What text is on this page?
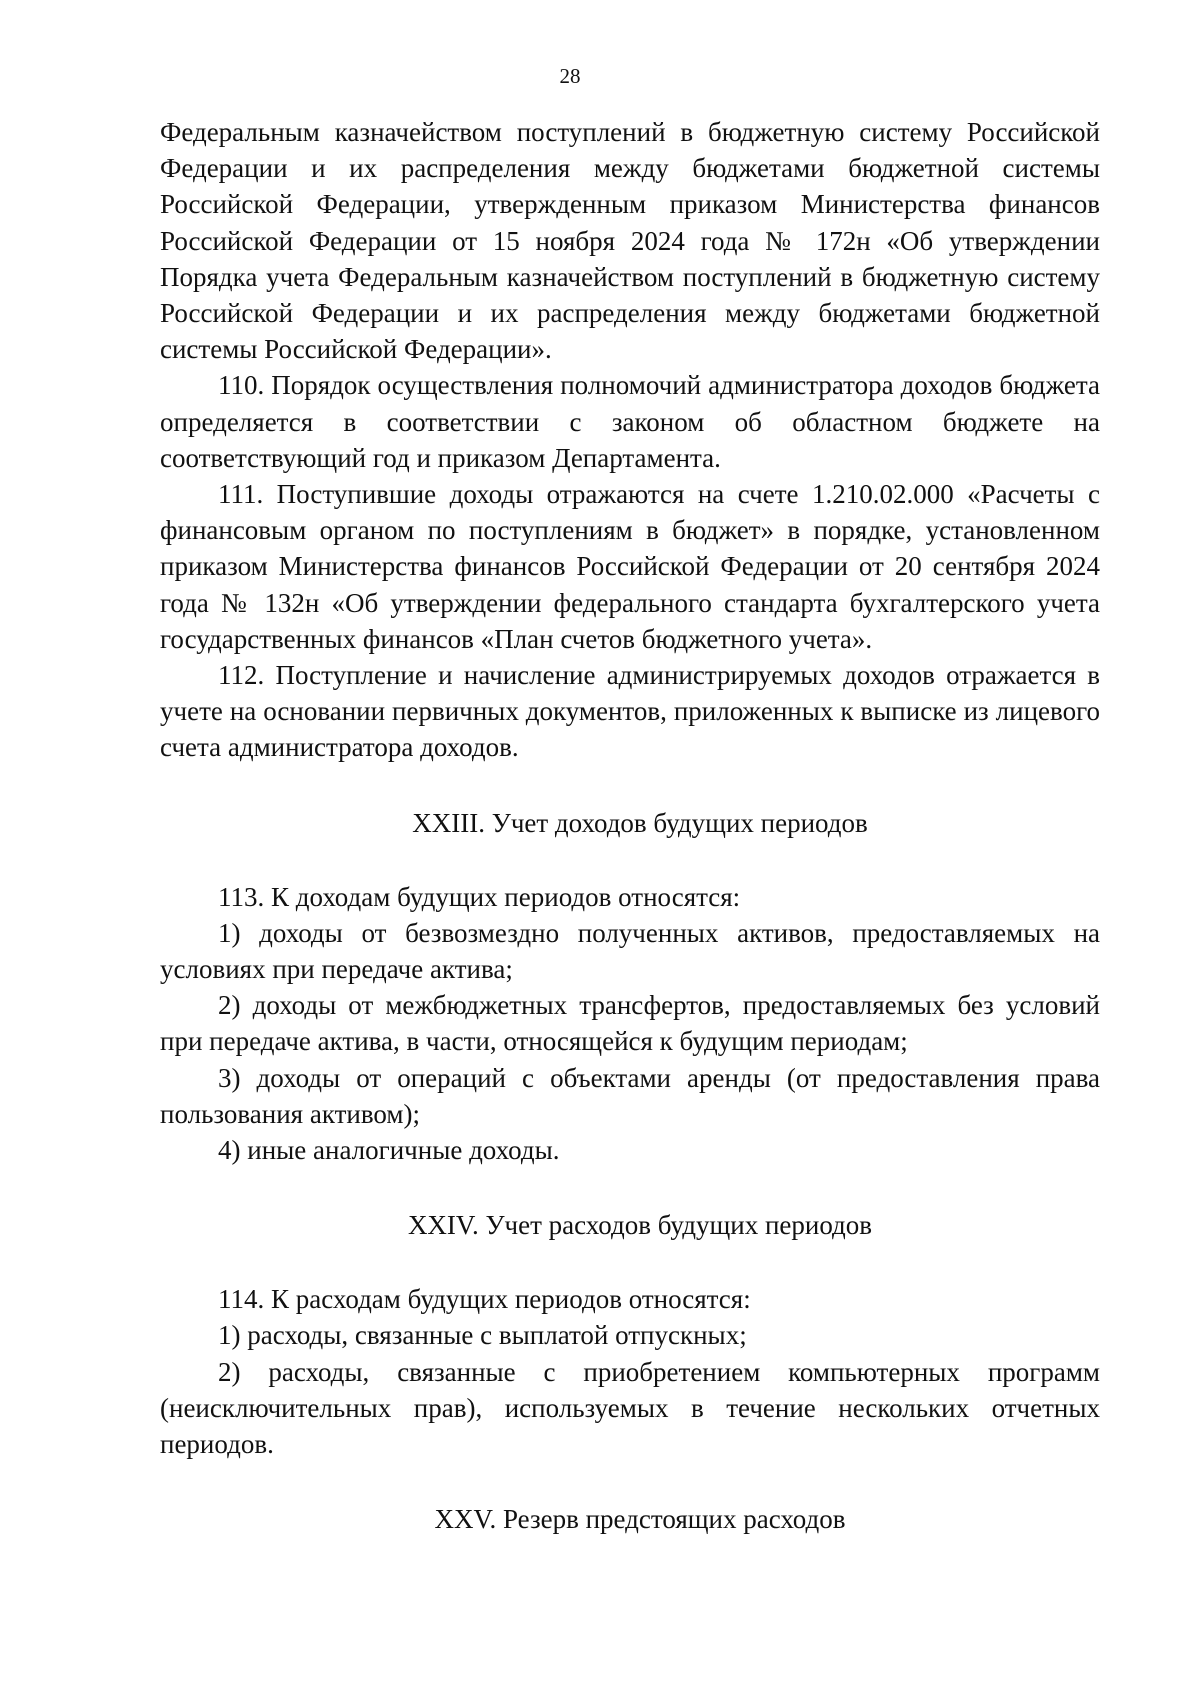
28

Федеральным казначейством поступлений в бюджетную систему Российской Федерации и их распределения между бюджетами бюджетной системы Российской Федерации, утвержденным приказом Министерства финансов Российской Федерации от 15 ноября 2024 года № 172н «Об утверждении Порядка учета Федеральным казначейством поступлений в бюджетную систему Российской Федерации и их распределения между бюджетами бюджетной системы Российской Федерации».

110. Порядок осуществления полномочий администратора доходов бюджета определяется в соответствии с законом об областном бюджете на соответствующий год и приказом Департамента.

111. Поступившие доходы отражаются на счете 1.210.02.000 «Расчеты с финансовым органом по поступлениям в бюджет» в порядке, установленном приказом Министерства финансов Российской Федерации от 20 сентября 2024 года № 132н «Об утверждении федерального стандарта бухгалтерского учета государственных финансов «План счетов бюджетного учета».

112. Поступление и начисление администрируемых доходов отражается в учете на основании первичных документов, приложенных к выписке из лицевого счета администратора доходов.

XXIII. Учет доходов будущих периодов

113. К доходам будущих периодов относятся:

1) доходы от безвозмездно полученных активов, предоставляемых на условиях при передаче актива;

2) доходы от межбюджетных трансфертов, предоставляемых без условий при передаче актива, в части, относящейся к будущим периодам;

3) доходы от операций с объектами аренды (от предоставления права пользования активом);

4) иные аналогичные доходы.

XXIV. Учет расходов будущих периодов

114. К расходам будущих периодов относятся:

1) расходы, связанные с выплатой отпускных;

2) расходы, связанные с приобретением компьютерных программ (неисключительных прав), используемых в течение нескольких отчетных периодов.

XXV. Резерв предстоящих расходов
